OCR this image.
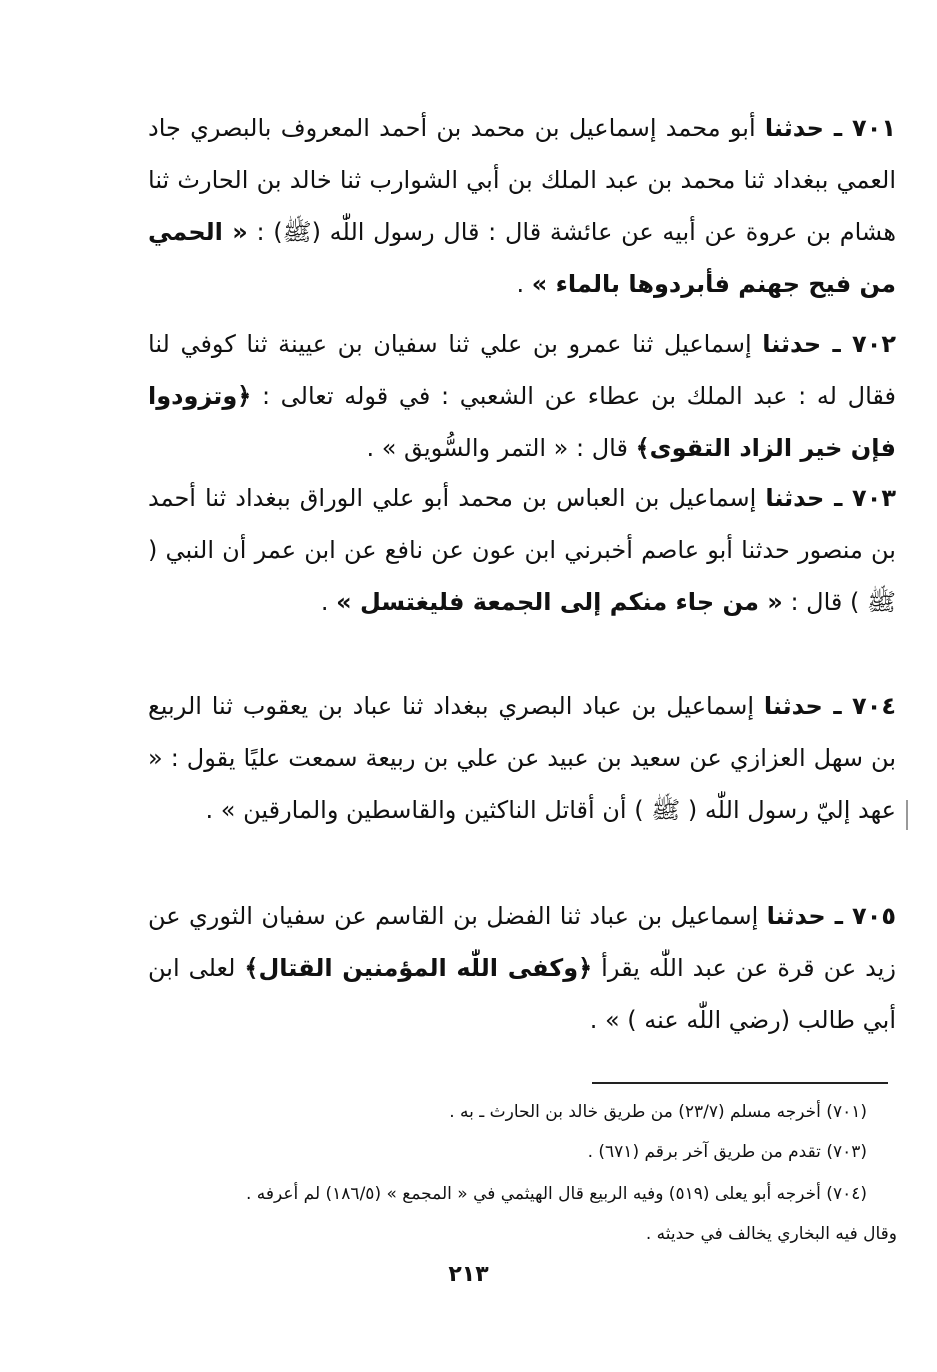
٧٠١ ـ حدثنا أبو محمد إسماعيل بن محمد بن أحمد المعروف بالبصري جاد العمي ببغداد ثنا محمد بن عبد الملك بن أبي الشوارب ثنا خالد بن الحارث ثنا هشام بن عروة عن أبيه عن عائشة قال : قال رسول اللّٰه (ﷺ) : « الحمي من فيح جهنم فأبردوها بالماء » .

٧٠٢ ـ حدثنا إسماعيل ثنا عمرو بن علي ثنا سفيان بن عيينة ثنا كوفي لنا فقال له : عبد الملك بن عطاء عن الشعبي : في قوله تعالى : ﴿وتزودوا فإن خير الزاد التقوى﴾ قال : « التمر والسُّويق » .

٧٠٣ ـ حدثنا إسماعيل بن العباس بن محمد أبو علي الوراق ببغداد ثنا أحمد بن منصور حدثنا أبو عاصم أخبرني ابن عون عن نافع عن ابن عمر أن النبي ( ﷺ ) قال : « من جاء منكم إلى الجمعة فليغتسل » .

٧٠٤ ـ حدثنا إسماعيل بن عباد البصري ببغداد ثنا عباد بن يعقوب ثنا الربيع بن سهل العزازي عن سعيد بن عبيد عن علي بن ربيعة سمعت عليًا يقول : « عهد إليّ رسول اللّٰه ( ﷺ ) أن أقاتل الناكثين والقاسطين والمارقين » .

٧٠٥ ـ حدثنا إسماعيل بن عباد ثنا الفضل بن القاسم عن سفيان الثوري عن زيد عن قرة عن عبد اللّٰه يقرأ ﴿وكفى اللّٰه المؤمنين القتال﴾ لعلى ابن أبي طالب (رضي اللّٰه عنه ) » .

(٧٠١) أخرجه مسلم (٢٣/٧) من طريق خالد بن الحارث ـ به .

(٧٠٣) تقدم من طريق آخر برقم (٦٧١) .

(٧٠٤) أخرجه أبو يعلى (٥١٩) وفيه الربيع قال الهيثمي في « المجمع » (١٨٦/٥) لم أعرفه .

وقال فيه البخاري يخالف في حديثه .

٢١٣
